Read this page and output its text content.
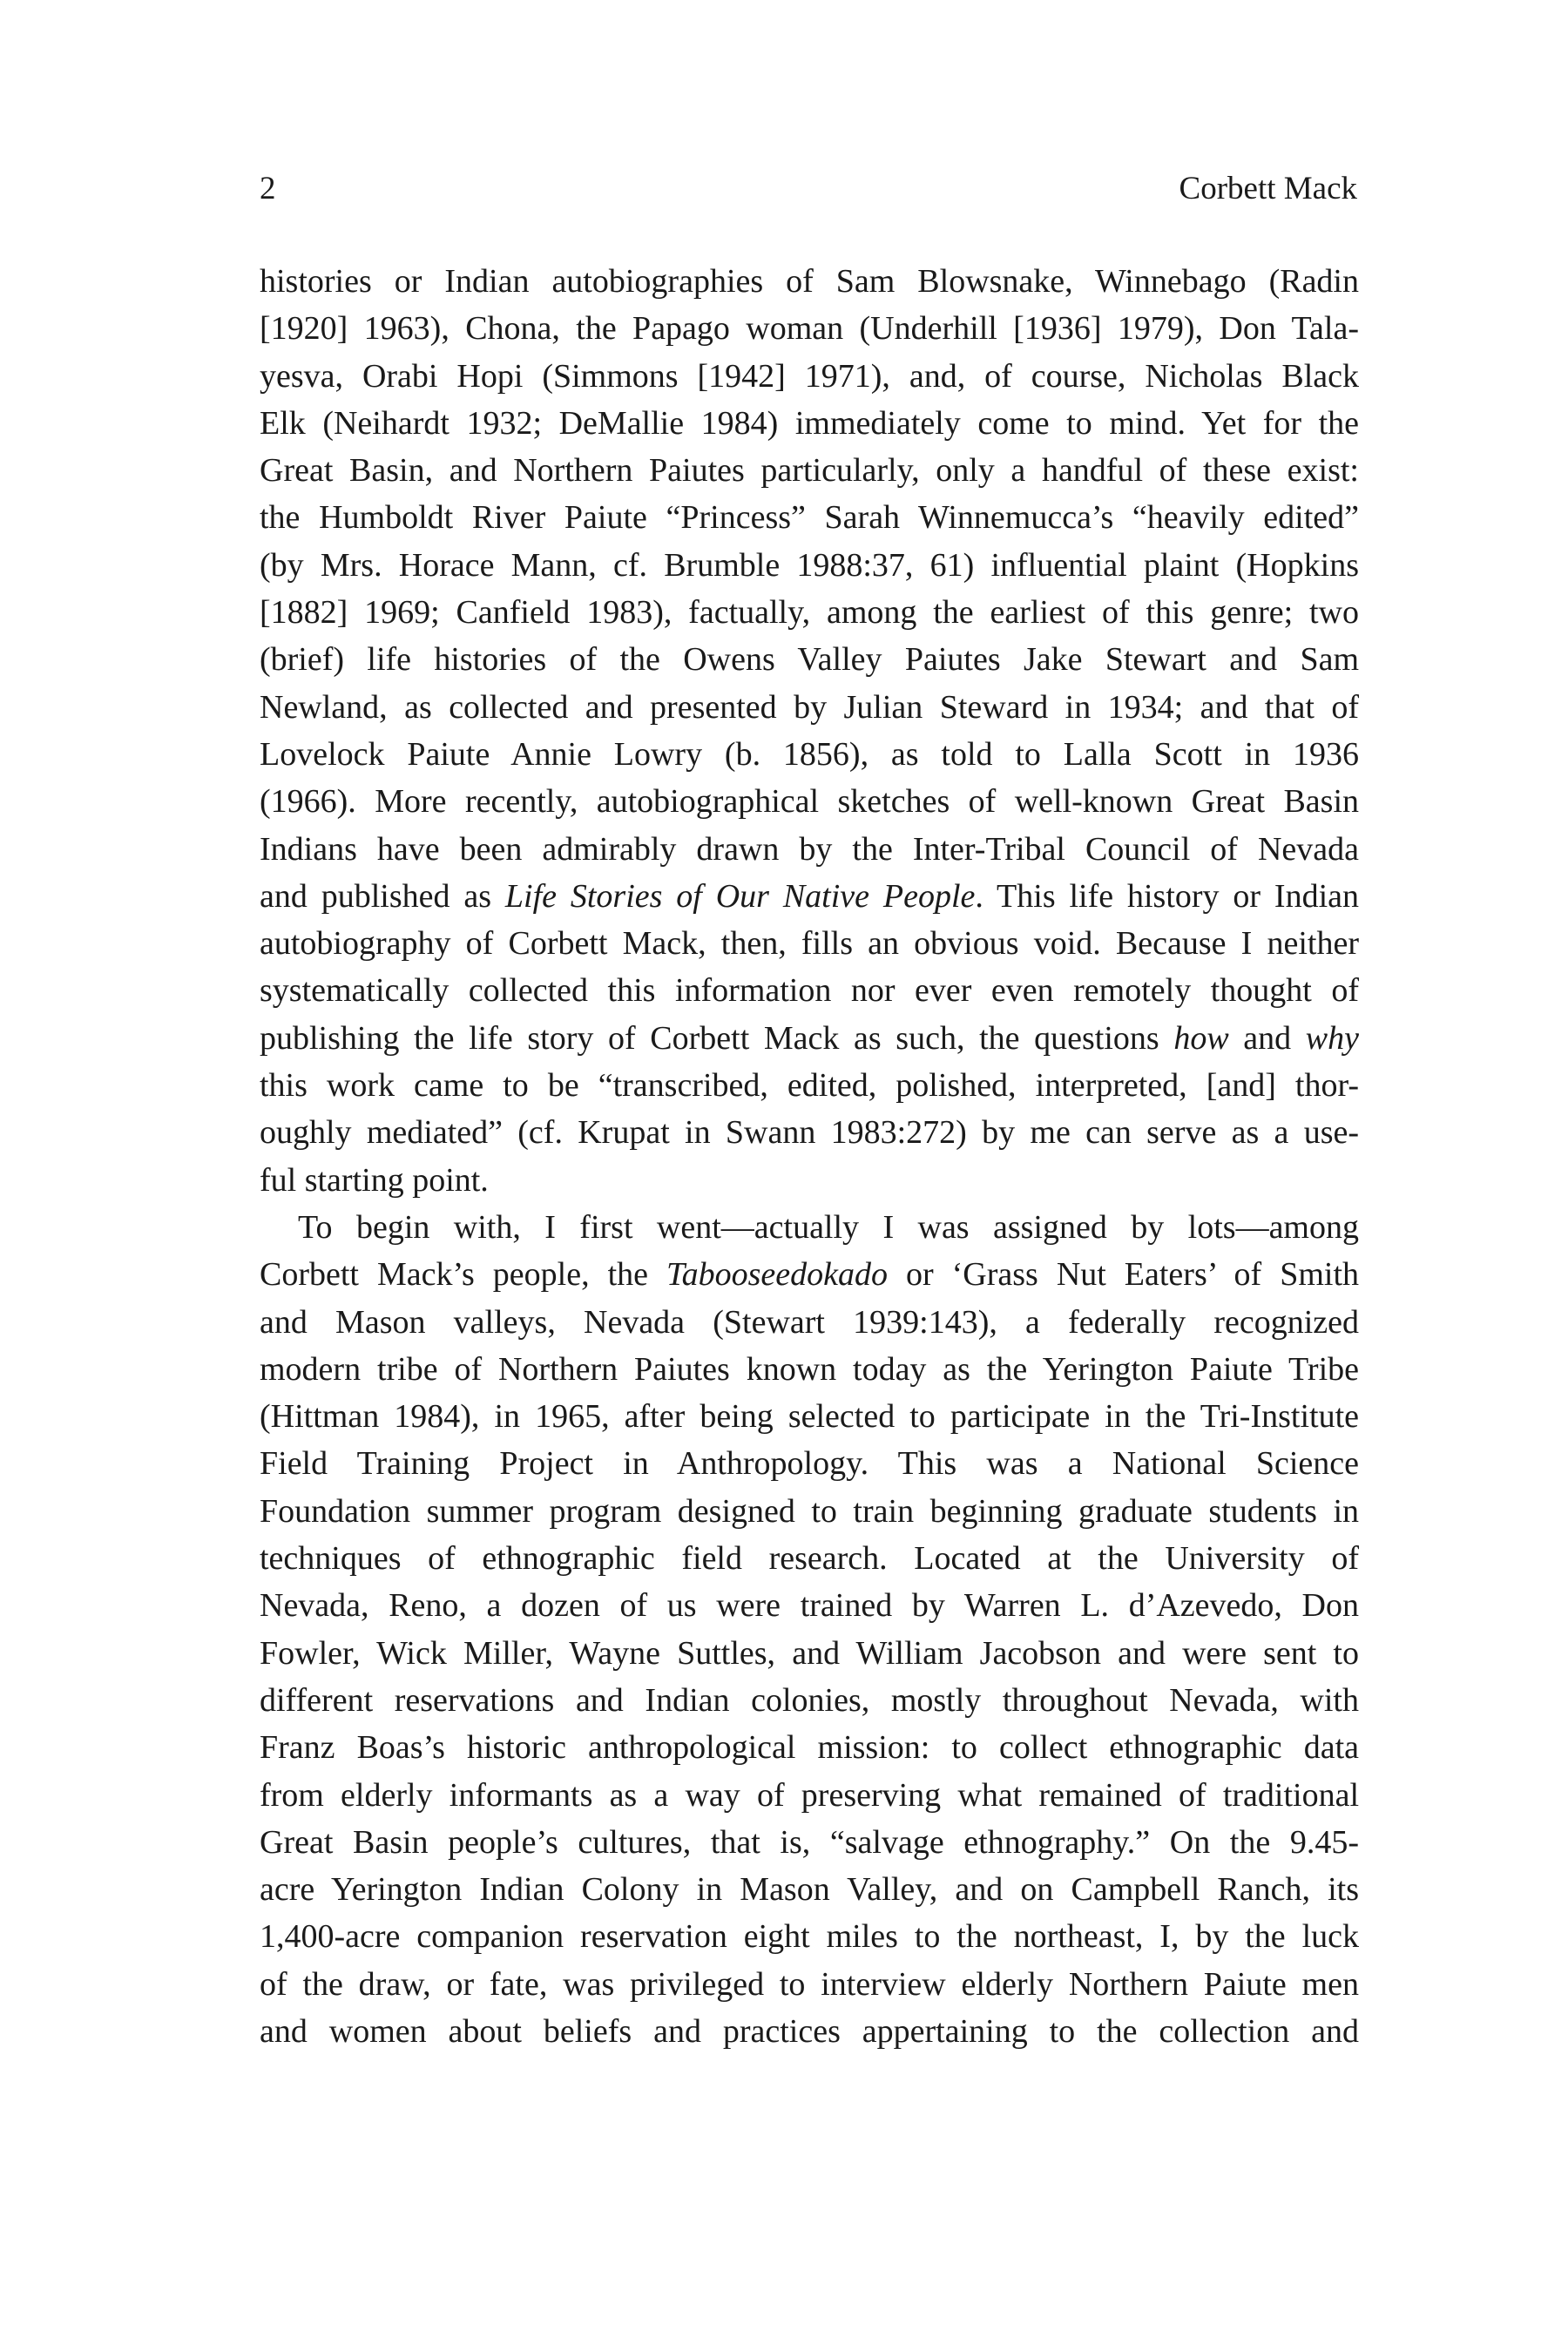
2	Corbett Mack
histories or Indian autobiographies of Sam Blowsnake, Winnebago (Radin
[1920] 1963), Chona, the Papago woman (Underhill [1936] 1979), Don Tala-
yesva, Orabi Hopi (Simmons [1942] 1971), and, of course, Nicholas Black
Elk (Neihardt 1932; DeMallie 1984) immediately come to mind. Yet for the
Great Basin, and Northern Paiutes particularly, only a handful of these exist:
the Humboldt River Paiute “Princess” Sarah Winnemucca’s “heavily edited”
(by Mrs. Horace Mann, cf. Brumble 1988:37, 61) influential plaint (Hopkins
[1882] 1969; Canfield 1983), factually, among the earliest of this genre; two
(brief) life histories of the Owens Valley Paiutes Jake Stewart and Sam
Newland, as collected and presented by Julian Steward in 1934; and that of
Lovelock Paiute Annie Lowry (b. 1856), as told to Lalla Scott in 1936
(1966). More recently, autobiographical sketches of well-known Great Basin
Indians have been admirably drawn by the Inter-Tribal Council of Nevada
and published as Life Stories of Our Native People. This life history or Indian
autobiography of Corbett Mack, then, fills an obvious void. Because I neither
systematically collected this information nor ever even remotely thought of
publishing the life story of Corbett Mack as such, the questions how and why
this work came to be “transcribed, edited, polished, interpreted, [and] thor-
oughly mediated” (cf. Krupat in Swann 1983:272) by me can serve as a use-
ful starting point.
To begin with, I first went—actually I was assigned by lots—among
Corbett Mack’s people, the Tabooseedokado or ‘Grass Nut Eaters’ of Smith
and Mason valleys, Nevada (Stewart 1939:143), a federally recognized
modern tribe of Northern Paiutes known today as the Yerington Paiute Tribe
(Hittman 1984), in 1965, after being selected to participate in the Tri-Institute
Field Training Project in Anthropology. This was a National Science
Foundation summer program designed to train beginning graduate students in
techniques of ethnographic field research. Located at the University of
Nevada, Reno, a dozen of us were trained by Warren L. d’Azevedo, Don
Fowler, Wick Miller, Wayne Suttles, and William Jacobson and were sent to
different reservations and Indian colonies, mostly throughout Nevada, with
Franz Boas’s historic anthropological mission: to collect ethnographic data
from elderly informants as a way of preserving what remained of traditional
Great Basin people’s cultures, that is, “salvage ethnography.” On the 9.45-
acre Yerington Indian Colony in Mason Valley, and on Campbell Ranch, its
1,400-acre companion reservation eight miles to the northeast, I, by the luck
of the draw, or fate, was privileged to interview elderly Northern Paiute men
and women about beliefs and practices appertaining to the collection and
